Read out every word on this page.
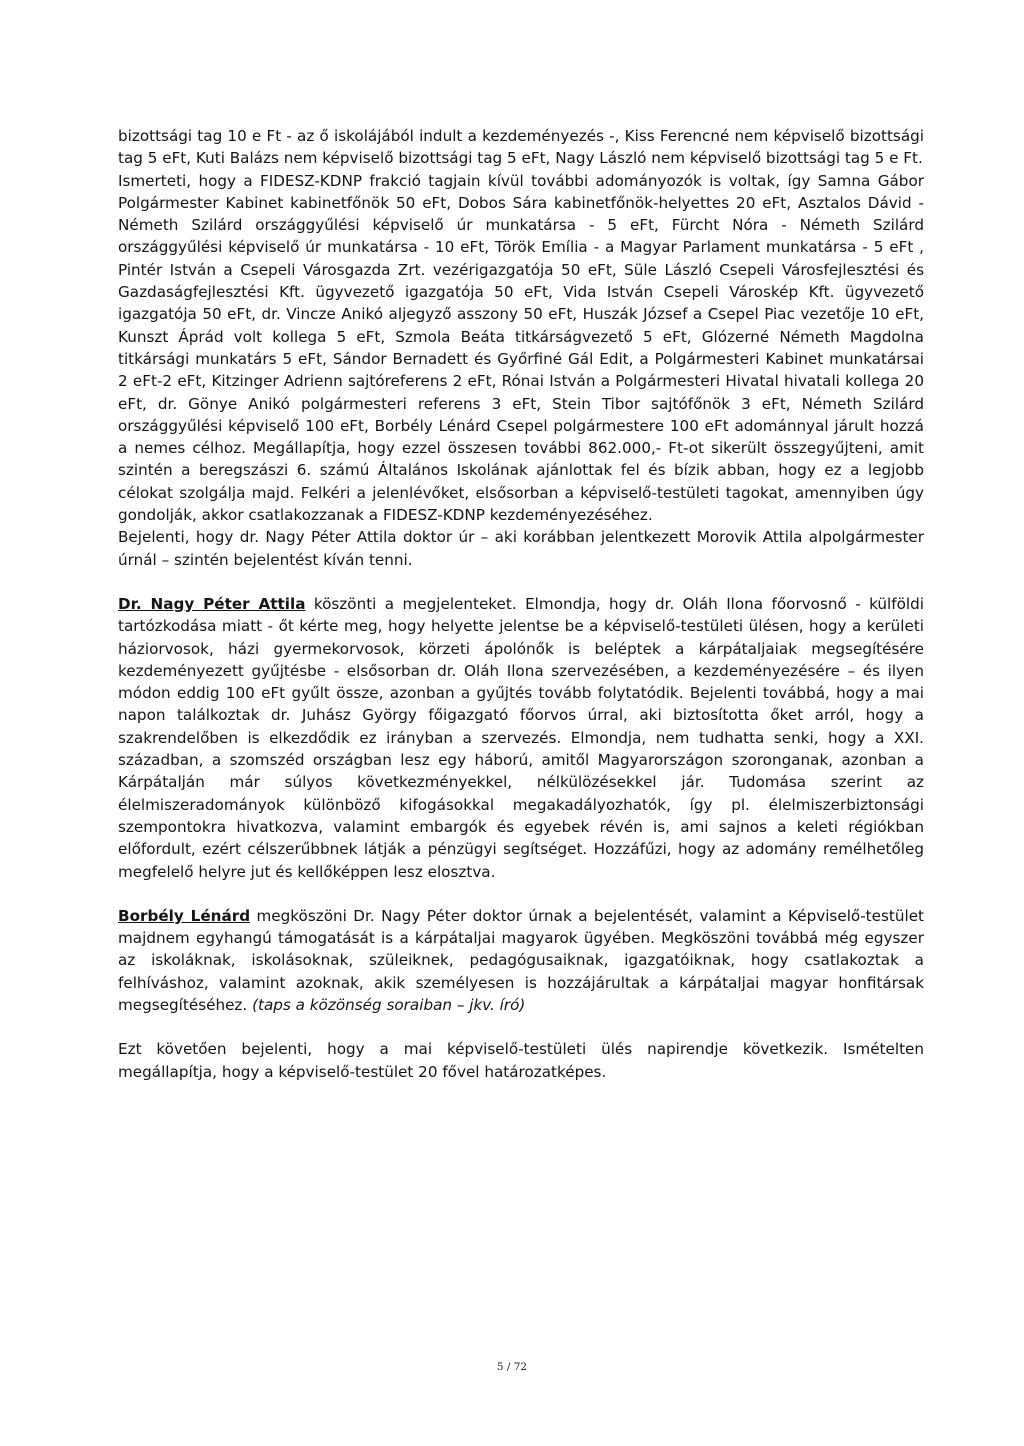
bizottsági tag 10 e Ft - az ő iskolájából indult a kezdeményezés -, Kiss Ferencné nem képviselő bizottsági tag 5 eFt, Kuti Balázs nem képviselő bizottsági tag 5 eFt, Nagy László nem képviselő bizottsági tag 5 e Ft.

Ismerteti, hogy a FIDESZ-KDNP frakció tagjain kívül további adományozók is voltak, így Samna Gábor Polgármester Kabinet kabinetfőnök 50 eFt, Dobos Sára kabinetfőnök-helyettes 20 eFt, Asztalos Dávid - Németh Szilárd országgyűlési képviselő úr munkatársa - 5 eFt, Fürcht Nóra - Németh Szilárd országgyűlési képviselő úr munkatársa - 10 eFt, Török Emília - a Magyar Parlament munkatársa - 5 eFt , Pintér István a Csepeli Városgazda Zrt. vezérigazgatója 50 eFt, Süle László Csepeli Városfejlesztési és Gazdaságfejlesztési Kft. ügyvezető igazgatója 50 eFt, Vida István Csepeli Városkép Kft. ügyvezető igazgatója 50 eFt, dr. Vincze Anikó aljegyző asszony 50 eFt, Huszák József a Csepel Piac vezetője 10 eFt, Kunszt Áprád volt kollega 5 eFt, Szmola Beáta titkárságvezető 5 eFt, Glózerné Németh Magdolna titkársági munkatárs 5 eFt, Sándor Bernadett és Győrfiné Gál Edit, a Polgármesteri Kabinet munkatársai 2 eFt-2 eFt, Kitzinger Adrienn sajtóreferens 2 eFt, Rónai István a Polgármesteri Hivatal hivatali kollega 20 eFt, dr. Gönye Anikó polgármesteri referens 3 eFt, Stein Tibor sajtófőnök 3 eFt, Németh Szilárd országgyűlési képviselő 100 eFt, Borbély Lénárd Csepel polgármestere 100 eFt adománnyal járult hozzá a nemes célhoz. Megállapítja, hogy ezzel összesen további 862.000,- Ft-ot sikerült összegyűjteni, amit szintén a beregszászi 6. számú Általános Iskolának ajánlottak fel és bízik abban, hogy ez a legjobb célokat szolgálja majd. Felkéri a jelenlévőket, elsősorban a képviselő-testületi tagokat, amennyiben úgy gondolják, akkor csatlakozzanak a FIDESZ-KDNP kezdeményezéséhez.

Bejelenti, hogy dr. Nagy Péter Attila doktor úr – aki korábban jelentkezett Morovik Attila alpolgármester úrnál – szintén bejelentést kíván tenni.

Dr. Nagy Péter Attila köszönti a megjelenteket. Elmondja, hogy dr. Oláh Ilona főorvosnő - külföldi tartózkodása miatt - őt kérte meg, hogy helyette jelentse be a képviselő-testületi ülésen, hogy a kerületi háziorvosok, házi gyermekorvosok, körzeti ápolónők is beléptek a kárpátaljaiak megsegítésére kezdeményezett gyűjtésbe - elsősorban dr. Oláh Ilona szervezésében, a kezdeményezésére – és ilyen módon eddig 100 eFt gyűlt össze, azonban a gyűjtés tovább folytatódik. Bejelenti továbbá, hogy a mai napon találkoztak dr. Juhász György főigazgató főorvos úrral, aki biztosította őket arról, hogy a szakrendelőben is elkezdődik ez irányban a szervezés. Elmondja, nem tudhatta senki, hogy a XXI. században, a szomszéd országban lesz egy háború, amitől Magyarországon szoronganak, azonban a Kárpátalján már súlyos következményekkel, nélkülözésekkel jár. Tudomása szerint az élelmiszeradományok különböző kifogásokkal megakadályozhatók, így pl. élelmiszerbiztonsági szempontokra hivatkozva, valamint embargók és egyebek révén is, ami sajnos a keleti régiókban előfordult, ezért célszerűbbnek látják a pénzügyi segítséget. Hozzáfűzi, hogy az adomány remélhetőleg megfelelő helyre jut és kellőképpen lesz elosztva.

Borbély Lénárd megköszöni Dr. Nagy Péter doktor úrnak a bejelentését, valamint a Képviselő-testület majdnem egyhangú támogatását is a kárpátaljai magyarok ügyében. Megköszöni továbbá még egyszer az iskoláknak, iskolásoknak, szüleiknek, pedagógusaiknak, igazgatóiknak, hogy csatlakoztak a felhíváshoz, valamint azoknak, akik személyesen is hozzájárultak a kárpátaljai magyar honfitársak megsegítéséhez. (taps a közönség soraiban – jkv. író)

Ezt követően bejelenti, hogy a mai képviselő-testületi ülés napirendje következik. Ismételten megállapítja, hogy a képviselő-testület 20 fővel határozatképes.

5 / 72
